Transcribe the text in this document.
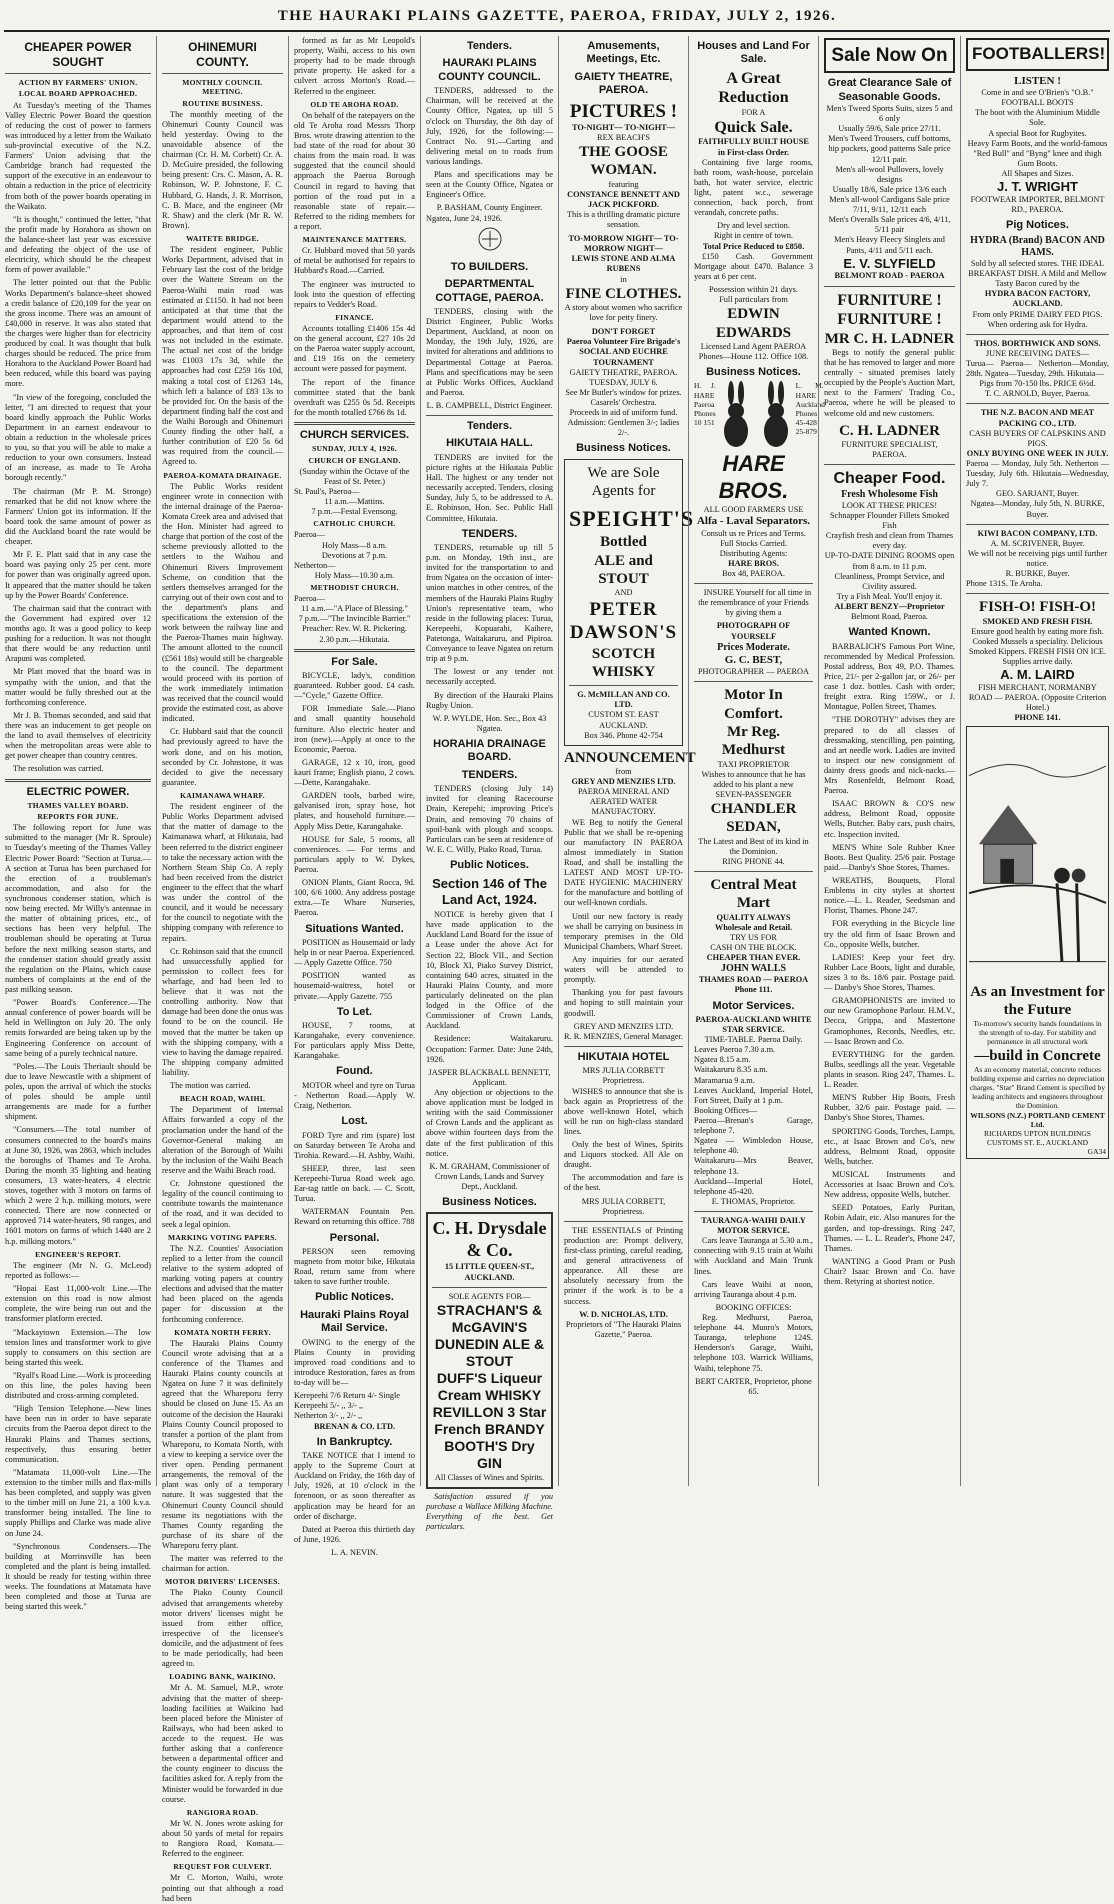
THE HAURAKI PLAINS GAZETTE, PAEROA, FRIDAY, JULY 2, 1926.
CHEAPER POWER SOUGHT
ACTION BY FARMERS' UNION.
LOCAL BOARD APPROACHED.

At Tuesday's meeting of the Thames Valley Electric Power Board the question of reducing the cost of power to farmers was introduced by a letter from the Waikato sub-provincial executive of the N.Z. Farmers' Union advising that the Cambridge branch had requested the support of the executive in an endeavour to obtain a reduction in the price of electricity from both of the power boards operating in the Waikato.

"It is thought," continued the letter, "that the profit made by Horahora as shown on the balance-sheet last year was excessive and defeating the object of the use of electricity, which should be the cheapest form of power available."

The letter pointed out that the Public Works Department's balance-sheet showed a credit balance of £20,109 for the year on the gross income. There was an amount of £40,000 in reserve. It was also stated that the charges were higher than for electricity produced by coal. It was thought that bulk charges should be reduced. The price from Horahora to the Auckland Power Board had been reduced, while this board was paying more.

"In view of the foregoing, concluded the letter, "I am directed to request that your board kindly approach the Public Works Department in an earnest endeavour to obtain a reduction in the wholesale prices to you, so that you will be able to make a reduction to your own consumers. Instead of an increase, as made to Te Aroha borough recently."

The chairman (Mr P. M. Stronge) remarked that he did not know where the Farmers' Union got its information. If the board took the same amount of power as did the Auckland board the rate would be cheaper.

Mr F. E. Platt said that in any case the board was paying only 25 per cent. more for power than was originally agreed upon. It appeared that the matter should be taken up by the Power Boards' Conference.

The chairman said that the contract with the Government had expired over 12 months ago. It was a good policy to keep pushing for a reduction. It was not thought that there would be any reduction until Arapuni was completed.

Mr Platt moved that the board was in sympathy with the union, and that the matter would be fully threshed out at the forthcoming conference.

Mr J. B. Thomas seconded, and said that there was an inducement to get people on the land to avail themselves of electricity when the metropolitan areas were able to get power cheaper than country centres.

The resolution was carried.

ELECTRIC POWER.
THAMES VALLEY BOARD.
REPORTS FOR JUNE.

The following report for June was submitted to the manager (Mr R. Sproule) to Tuesday's meeting of the Thames Valley Electric Power Board: "Section at Turua.—A section at Turua has been purchased for the erection of a troubleman's accommodation, and also for the synchronous condenser station, which is now being erected. Mr Willy's antennae in the matter of obtaining prices, etc., of sections has been very helpful. The troubleman should be operating at Turua before the next milking season starts, and the condenser station should greatly assist the regulation on the Plains, which cause numbers of complaints at the end of the past milking season.

"Power Board's Conference.—The annual conference of power boards will be held in Wellington on July 20. The only remits forwarded are being taken up by the Engineering Conference on account of same being of a purely technical nature.

"Poles.—The Louis Theriault should be due to leave Newcastle with a shipment of poles, upon the arrival of which the stocks of poles should be ample until arrangements are made for a further shipment.

"Consumers.—The total number of consumers connected to the board's mains at June 30, 1926, was 2863, which includes the boroughs of Thames and Te Aroha. During the month 35 lighting and heating consumers, 13 water-heaters, 4 electric stoves, together with 3 motors on farms of which 2 were 2 h.p. milking motors, were connected. There are now connected or approved 714 water-heaters, 98 ranges, and 1601 motors on farms of which 1440 are 2 h.p. milking motors."

ENGINEER'S REPORT.

The engineer (Mr N. G. McLeod) reported as follows:—

"Hopai East 11,000-volt Line.—The extension on this road is now almost complete, the wire being run out and the transformer platform erected.

"Mackaytown Extension.—The low tension lines and transformer work to give supply to consumers on this section are being started this week.

"Ryall's Road Line.—Work is proceeding on this line, the poles having been distributed and cross-arming completed.

"High Tension Telephone.—New lines have been run in order to have separate circuits from the Paeroa depot direct to the Hauraki Plains and Thames sections, respectively, thus ensuring better communication.

"Matamata 11,000-volt Line.—The extension to the timber mills and flax-mills has been completed, and supply was given to the timber mill on June 21, a 100 k.v.a. transformer being installed. The line to supply Phillips and Clarke was made alive on June 24.

"Synchronous Condensers.—The building at Morrinsville has been completed and the plant is being installed. It should be ready for testing within three weeks. The foundations at Matamata have been completed and those at Turua are being started this week."

OHINEMURI COUNTY.
MONTHLY COUNCIL MEETING.
ROUTINE BUSINESS.

The monthly meeting of the Ohinemuri County Council was held yesterday. Owing to the unavoidable absence of the chairman (Cr. H. M. Corbett) Cr. A. D. McGuire presided, the following being present: Crs. C. Mason, A. R. Robinson, W. P. Johnstone, F. C. Hubbard, G. Hands, J. R. Morrison, C. B. Mace, and the engineer (Mr R. Shaw) and the clerk (Mr R. W. Brown).

WAITETE BRIDGE.

The resident engineer, Public Works Department, advised that in February last the cost of the bridge over the Waitete Stream on the Paeroa-Waihi main road was estimated at £1150. It had not been anticipated at that time that the department would attend to the approaches, and that item of cost was not included in the estimate. The actual net cost of the bridge was £1003 17s 3d, while the approaches had cost £259 16s 10d, making a total cost of £1263 14s, which left a balance of £83 13s to be provided for. On the basis of the department finding half the cost and the Waihi Borough and Ohinemuri County finding the other half, a further contribution of £20 5s 6d was required from the council.—Agreed to.

PAEROA-KOMATA DRAINAGE.

The Public Works resident engineer wrote in connection with the internal drainage of the Paeroa-Komata Creek area and advised that the Hon. Minister had agreed to charge that portion of the cost of the scheme previously allotted to the settlers to the Waihou and Ohinemuri Rivers Improvement Scheme, on condition that the settlers themselves arranged for the carrying out of their own cost and to the department's plans and specifications the extension of the work between the railway line and the Paeroa-Thames main highway. The amount allotted to the council (£561 18s) would still be chargeable to the council. The department would proceed with its portion of the work immediately intimation was received that the council would provide the estimated cost, as above indicated.

Cr. Hubbard said that the council had previously agreed to have the work done, and on his motion, seconded by Cr. Johnstone, it was decided to give the necessary guarantee.

KAIMANAWA WHARF.

The resident engineer of the Public Works Department advised that the matter of damage to the Kaimanawa wharf, at Hikutaia, had been referred to the district engineer to take the necessary action with the Northern Steam Ship Co. A reply had been received from the district engineer to the effect that the wharf was under the control of the council, and it would be necessary for the council to negotiate with the shipping company with reference to repairs.

Cr. Robinson said that the council had unsuccessfully applied for permission to collect fees for wharfage, and had been led to believe that it was not the controlling authority. Now that damage had been done the onus was found to be on the council. He moved that the matter be taken up with the shipping company, with a view to having the damage repaired. The shipping company admitted liability.

The motion was carried.

BEACH ROAD, WAIHI.

The Department of Internal Affairs forwarded a copy of the proclamation under the hand of the Governor-General making an alteration of the Borough of Waihi by the inclusion of the Waihi Beach reserve and the Waihi Beach road.

Cr. Johnstone questioned the legality of the council continuing to contribute towards the maintenance of the road, and it was decided to seek a legal opinion.

MARKING VOTING PAPERS.

The N.Z. Counties' Association replied to a letter from the council relative to the system adopted of marking voting papers at country elections and advised that the matter had been placed on the agenda paper for discussion at the forthcoming conference.

KOMATA NORTH FERRY.

The Hauraki Plains County Council wrote advising that at a conference of the Thames and Hauraki Plains county councils at Ngatea on June 7 it was definitely agreed that the Whareporu ferry should be closed on June 15. As an outcome of the decision the Hauraki Plains County Council proposed to transfer a portion of the plant from Whareporu, to Komata North, with a view to keeping a service over the river open. Pending permanent arrangements, the removal of the plant was only of a temporary nature. It was suggested that the Ohinemuri County Council should resume its negotiations with the Thames County regarding the purchase of its share of the Whareporu ferry plant.

The matter was referred to the chairman for action.

MOTOR DRIVERS' LICENSES.

The Piako County Council advised that arrangements whereby motor drivers' licenses might be issued from either office, irrespective of the licensee's domicile, and the adjustment of fees to be made periodically, had been agreed to.

LOADING BANK, WAIKINO.

Mr A. M. Samuel, M.P., wrote advising that the matter of sheep-loading facilities at Waikino had been placed before the Minister of Railways, who had been asked to accede to the request. He was further asking that a conference between a departmental officer and the county engineer to discuss the facilities asked for. A reply from the Minister would be forwarded in due course.

RANGIORA ROAD.

Mr W. N. Jones wrote asking for about 50 yards of metal for repairs to Rangiora Road, Komata.—Referred to the engineer.

REQUEST FOR CULVERT.

Mr C. Morton, Waihi, wrote pointing out that although a road had been

formed as far as Mr Leopold's property, Waihi, access to his own property had to be made through private property. He asked for a culvert across Morton's Road.—Referred to the engineer.

OLD TE AROHA ROAD.

On behalf of the ratepayers on the old Te Aroha road Messrs Thorp Bros. wrote drawing attention to the bad state of the road for about 30 chains from the main road. It was suggested that the council should approach the Paeroa Borough Council in regard to having that portion of the road put in a reasonable state of repair.—Referred to the riding members for a report.

MAINTENANCE MATTERS.

Cr. Hubbard moved that 50 yards of metal be authorised for repairs to Hubbard's Road.—Carried.

The engineer was instructed to look into the question of effecting repairs to Vedder's Road.

FINANCE.

Accounts totalling £1406 15s 4d on the general account, £27 10s 2d on the Paeroa water supply account, and £19 16s on the cemetery account were passed for payment.

The report of the finance committee stated that the bank overdraft was £255 0s 5d. Receipts for the month totalled £766 8s 1d.

CHURCH SERVICES.
SUNDAY, JULY 4, 1926.
CHURCH OF ENGLAND.
(Sunday within the Octave of the Feast of St. Peter.)
St. Paul's, Paeroa—
11 a.m.—Mattins.
7 p.m.—Festal Evensong.
CATHOLIC CHURCH.
Paeroa—
Holy Mass—8 a.m.
Devotions at 7 p.m.
Netherton—
Holy Mass—10.30 a.m.
METHODIST CHURCH.
Paeroa—
11 a.m.—"A Place of Blessing."
7 p.m.—"The Invincible Barrier."
Preacher: Rev. W. R. Pickering.
2.30 p.m.—Hikutaia.
For Sale.

BICYCLE, lady's, condition guaranteed. Rubber good. £4 cash.—"Cycle," Gazette Office.

FOR Immediate Sale.—Piano and small quantity household furniture. Also electric heater and iron (new).—Apply at once to the Economic, Paeroa.

GARAGE, 12 x 10, iron, good kauri frame; English piano, 2 cows.—Dette, Karangahake.

GARDEN tools, barbed wire, galvanised iron, spray hose, hot plates, and household furniture.—Apply Miss Dette, Karangahake.

HOUSE for Sale, 5 rooms, all conveniences. — For terms and particulars apply to W. Dykes, Paeroa.

ONION Plants, Giant Rocca, 9d. 100, 6/6 1000. Any address postage extra.—Te Whare Nurseries, Paeroa.

Situations Wanted.

POSITION as Housemaid or lady help in or near Paeroa. Experienced. — Apply Gazette Office. 750

POSITION wanted as housemaid-waitress, hotel or private.—Apply Gazette. 755

To Let.

HOUSE, 7 rooms, at Karangahake, every convenience. For particulars apply Miss Dette, Karangahake.

Found.

MOTOR wheel and tyre on Turua - Netherton Road.—Apply W. Craig, Netherton.

Lost.

FORD Tyre and rim (spare) lost on Saturday between Te Aroha and Tirohia. Reward.—H. Ashby, Waihi.

SHEEP, three, last seen Kerepeehi-Turua Road week ago. Ear-tag tattle on back. — C. Scott, Turua.

WATERMAN Fountain Pen. Reward on returning this office. 788

Personal.

PERSON seen removing magneto from motor bike, Hikutaia Road, return same from where taken to save further trouble.

Public Notices.
Hauraki Plains Royal Mail Service.

OWING to the energy of the Plains County in providing improved road conditions and to introduce Restoration, fares as from to-day will be—

Kerepeehi 7/6 Return 4/- Single
Kerepeehi 5/- ,, 3/- ,,
Netherton 3/- ,, 2/- ,,
BRENAN & CO. LTD.
In Bankruptcy.

TAKE NOTICE that I intend to apply to the Supreme Court at Auckland on Friday, the 16th day of July, 1926, at 10 o'clock in the forenoon, or as soon thereafter as application may be heard for an order of discharge.

Dated at Paeroa this thirtieth day of June, 1926.

L. A. NEVIN.
Tenders.
HAURAKI PLAINS COUNTY COUNCIL.

TENDERS, addressed to the Chairman, will be received at the County Office, Ngatea, up till 5 o'clock on Thursday, the 8th day of July, 1926, for the following:—Contract No. 91.—Carting and delivering metal on to roads from various landings.

Plans and specifications may be seen at the County Office, Ngatea or Engineer's Office.

P. BASHAM, County Engineer.
Ngatea, June 24, 1926.
TO BUILDERS.
DEPARTMENTAL COTTAGE, PAEROA.

TENDERS, closing with the District Engineer, Public Works Department, Auckland, at noon on Monday, the 19th July, 1926, are invited for alterations and additions to Departmental Cottage at Paeroa. Plans and specifications may be seen at Public Works Offices, Auckland and Paeroa.

L. B. CAMPBELL, District Engineer.
Tenders.
HIKUTAIA HALL.

TENDERS are invited for the picture rights at the Hikutaia Public Hall. The highest or any tender not necessarily accepted. Tenders, closing Sunday, July 5, to be addressed to A. E. Robinson, Hon. Sec. Public Hall Committee, Hikutaia.

TENDERS.

TENDERS, returnable up till 5 p.m. on Monday, 19th inst., are invited for the transportation to and from Ngatea on the occasion of inter-union matches in other centres, of the members of the Hauraki Plains Rugby Union's representative team, who reside in the following places: Turua, Kerepeehi, Kopuarahi, Kaihere, Patetonga, Waitakaruru, and Pipiroa. Conveyance to leave Ngatea on return trip at 9 p.m.

The lowest or any tender not necessarily accepted.

By direction of the Hauraki Plains Rugby Union.

W. P. WYLDE, Hon. Sec., Box 43 Ngatea.
HORAHIA DRAINAGE BOARD.
TENDERS.

TENDERS (closing July 14) invited for cleaning Racecourse Drain, Kerepehi; improving Price's Drain, and removing 70 chains of spoil-bank with plough and scoops. Particulars can be seen at residence of W. E. C. Willy, Piako Road, Turua.

Public Notices.
Section 146 of The Land Act, 1924.

NOTICE is hereby given that I have made application to the Auckland Land Board for the issue of a Lease under the above Act for Section 22, Block VII., and Section 10, Block XI, Piako Survey District, containing 640 acres, situated in the Hauraki Plains County, and more particularly delineated on the plan lodged in the Office of the Commissioner of Crown Lands, Auckland.

Residence: Waitakaruru. Occupation: Farmer. Date: June 24th, 1926.

JASPER BLACKBALL BENNETT, Applicant.

Any objection or objections to the above application must be lodged in writing with the said Commissioner of Crown Lands and the applicant as above within fourteen days from the date of the first publication of this notice.

K. M. GRAHAM, Commissioner of Crown Lands, Lands and Survey Dept., Auckland.
Business Notices.
C. H. Drysdale & Co.
15 LITTLE QUEEN-ST., AUCKLAND.
SOLE AGENTS FOR—
STRACHAN'S & McGAVIN'S DUNEDIN ALE & STOUT
DUFF'S Liqueur Cream WHISKY
REVILLON 3 Star French BRANDY
BOOTH'S Dry GIN
All Classes of Wines and Spirits.

Satisfaction assured if you purchase a Wallace Milking Machine. Everything of the best. Get particulars.

Amusements, Meetings, Etc.
GAIETY THEATRE, PAEROA.
PICTURES !
TO-NIGHT— TO-NIGHT—
REX BEACH'S
THE GOOSE WOMAN.
featuring
CONSTANCE BENNETT AND JACK PICKFORD.
This is a thrilling dramatic picture sensation.
TO-MORROW NIGHT— TO-MORROW NIGHT—
LEWIS STONE AND ALMA RUBENS
in
FINE CLOTHES.
A story about women who sacrifice love for petty finery.
DON'T FORGET
Paeroa Volunteer Fire Brigade's SOCIAL AND EUCHRE TOURNAMENT
GAIETY THEATRE, PAEROA. TUESDAY, JULY 6.
See Mr Butler's window for prizes.
Casarels' Orchestra.
Proceeds in aid of uniform fund. Admission: Gentlemen 3/-; ladies 2/-.
Business Notices.
We are Sole Agents for
SPEIGHT'S
Bottled
ALE and STOUT
AND
PETER DAWSON'S
SCOTCH WHISKY
G. McMILLAN AND CO. LTD.
CUSTOM ST. EAST AUCKLAND.
Box 346. Phone 42-754
ANNOUNCEMENT
from
GREY AND MENZIES LTD.
PAEROA MINERAL AND AERATED WATER MANUFACTORY.

WE Beg to notify the General Public that we shall be re-opening our manufactory IN PAEROA almost immediately in Station Road, and shall be installing the LATEST AND MOST UP-TO-DATE HYGIENIC MACHINERY for the manufacture and bottling of our well-known cordials.

Until our new factory is ready we shall be carrying on business in temporary premises in the Old Municipal Chambers, Wharf Street.

Any inquiries for our aerated waters will be attended to promptly.

Thanking you for past favours and hoping to still maintain your goodwill.

GREY AND MENZIES LTD.
R. R. MENZIES, General Manager.
HIKUTAIA HOTEL
MRS JULIA CORBETT Proprietress.

WISHES to announce that she is back again as Proprietress of the above well-known Hotel, which will be run on high-class standard lines.

Only the best of Wines, Spirits and Liquors stocked. All Ale on draught.

The accommodation and fare is of the best.

MRS JULIA CORBETT, Proprietress.

THE ESSENTIALS of Printing production are: Prompt delivery, first-class printing, careful reading, and general attractiveness of appearance. All these are absolutely necessary from the printer if the work is to be a success.

W. D. NICHOLAS, LTD.
Proprietors of "The Hauraki Plains Gazette," Paeroa.
Houses and Land For Sale.
A Great Reduction
FOR A
Quick Sale.
FAITHFULLY BUILT HOUSE in First-class Order.

Containing five large rooms, bath room, wash-house, porcelain bath, hot water service, electric light, patent w.c., sewerage connection, back porch, front verandah, concrete paths.

Dry and level section.
Right in centre of town.
Total Price Reduced to £850.

£150 Cash. Government Mortgage about £470. Balance 3 years at 6 per cent.

Possession within 21 days.
Full particulars from
EDWIN EDWARDS
Licensed Land Agent PAEROA
Phones—House 112. Office 108.
Business Notices.
H. J. HARE Paeroa Phones 10 151
L. M. HARE Auckland Phones 45-428 25-879
HARE BROS.
ALL GOOD FARMERS USE
Alfa - Laval Separators.
Consult us re Prices and Terms.
Full Stocks Carried.
Distributing Agents:
HARE BROS.
Box 48, PAEROA.

INSURE Yourself for all time in the remembrance of your Friends by giving them a

PHOTOGRAPH OF YOURSELF
Prices Moderate.
G. C. BEST,
PHOTOGRAPHER — PAEROA
Motor In Comfort.
Mr Reg. Medhurst
TAXI PROPRIETOR
Wishes to announce that he has added to his plant a new
SEVEN-PASSENGER
CHANDLER SEDAN,
The Latest and Best of its kind in the Dominion.
RING PHONE 44.
Central Meat Mart
QUALITY ALWAYS
Wholesale and Retail.
TRY US FOR
CASH ON THE BLOCK.
CHEAPER THAN EVER.
JOHN WALLS
THAMES ROAD — PAEROA Phone 111.
Motor Services.
PAEROA-AUCKLAND WHITE STAR SERVICE.
TIME-TABLE. Paeroa Daily.
Leaves Paeroa 7.30 a.m.
Ngatea 8.15 a.m.
Waitakaruru 8.35 a.m.
Maramarua 9 a.m.
Leaves Auckland, Imperial Hotel, Fort Street, Daily at 1 p.m.
Booking Offices—
Paeroa—Brenan's Garage, telephone 7.
Ngatea — Wimbledon House, telephone 40.
Waitakaruru—Mrs Beaver, telephone 13.
Auckland—Imperial Hotel, telephone 45-420.
E. THOMAS, Proprietor.
TAURANGA-WAIHI DAILY MOTOR SERVICE.

Cars leave Tauranga at 5.30 a.m., connecting with 9.15 train at Waihi with Auckland and Main Trunk lines.

Cars leave Waihi at noon, arriving Tauranga about 4 p.m.

BOOKING OFFICES:

Reg. Medhurst, Paeroa, telephone 44. Munro's Motors, Tauranga, telephone 124S. Henderson's Garage, Waihi, telephone 103. Warrick Williams, Waihi, telephone 75.

BERT CARTER, Proprietor, phone 65.
Sale Now On
Great Clearance Sale of Seasonable Goods.
Men's Tweed Sports Suits, sizes 5 and 6 only
Usually 59/6, Sale price 27/11.
Men's Tweed Trousers, cuff bottoms, hip pockets, good patterns Sale price 12/11 pair.
Men's all-wool Pullovers, lovely designs
Usually 18/6, Sale price 13/6 each
Men's all-wool Cardigans Sale price 7/11, 9/11, 12/11 each
Men's Overalls Sale prices 4/6, 4/11, 5/11 pair
Men's Heavy Fleecy Singlets and Pants, 4/11 and 5/11 each.
E. V. SLYFIELD
BELMONT ROAD - PAEROA
FURNITURE !
FURNITURE !
MR C. H. LADNER

Begs to notify the general public that he has removed to larger and more centrally - situated premises lately occupied by the People's Auction Mart, next to the Farmers' Trading Co., Paeroa, where he will be pleased to welcome old and new customers.

C. H. LADNER
FURNITURE SPECIALIST, PAEROA.
Cheaper Food.
Fresh Wholesome Fish
LOOK AT THESE PRICES!
Schnapper Flounder Fillets Smoked Fish
Crayfish fresh and clean from Thames every day.
UP-TO-DATE DINING ROOMS open from 8 a.m. to 11 p.m.
Cleanliness, Prompt Service, and Civility assured.
Try a Fish Meal. You'll enjoy it.
ALBERT BENZY—Proprietor
Belmont Road, Paeroa.
Wanted Known.

BARBALICH'S Famous Port Wine, recommended by Medical Profession. Postal address, Box 49, P.O. Thames. Price, 21/- per 2-gallon jar, or 26/- per case 1 doz. bottles. Cash with order; freight extra. Ring 159W., or J. Montague, Pollen Street, Thames.

"THE DOROTHY" advises they are prepared to do all classes of dressmaking, stencilling, pen painting, and art needle work. Ladies are invited to inspect our new consignment of dainty dress goods and nick-nacks.—Mrs Rosenfeldt, Belmont Road, Paeroa.

ISAAC BROWN & CO'S new address, Belmont Road, opposite Wells, Butcher. Baby cars, push chairs, etc. Inspection invited.

MEN'S White Sole Rubber Knee Boots. Best Quality. 25/6 pair. Postage paid.—Danby's Shoe Stores, Thames.

WREATHS, Bouquets, Floral Emblems in city styles at shortest notice.—L. L. Reader, Seedsman and Florist, Thames. Phone 247.

FOR everything in the Bicycle line try the old firm of Isaac Brown and Co., opposite Wells, butcher.

LADIES! Keep your feet dry. Rubber Lace Boots, light and durable, sizes 3 to 8s. 18/6 pair. Postage paid. — Danby's Shoe Stores, Thames.

GRAMOPHONISTS are invited to our new Gramophone Parlour. H.M.V., Decca, Grippa, and Mastertone Gramophones, Records, Needles, etc. — Isaac Brown and Co.

EVERYTHING for the garden. Bulbs, seedlings all the year. Vegetable plants in season. Ring 247, Thames. L. L. Reader.

MEN'S Rubber Hip Boots, Fresh Rubber, 32/6 pair. Postage paid. — Danby's Shoe Stores, Thames.

SPORTING Goods, Torches, Lamps, etc., at Isaac Brown and Co's, new address, Belmont Road, opposite Wells, butcher.

MUSICAL Instruments and Accessories at Isaac Brown and Co's. New address, opposite Wells, butcher.

SEED Potatoes, Early Puritan, Robin Adair, etc. Also manures for the garden, and top-dressings. Ring 247, Thames. — L. L. Reader's, Phone 247, Thames.

WANTING a Good Pram or Push Chair? Isaac Brown and Co. have them. Retyring at shortest notice.

FOOTBALLERS!
LISTEN !
Come in and see O'Brien's "O.B." FOOTBALL BOOTS
The boot with the Aluminium Middle Sole.
A special Boot for Rugbyites.
Heavy Farm Boots, and the world-famous "Red Bull" and "Byng" knee and thigh Gum Boots.
All Shapes and Sizes.
J. T. WRIGHT
FOOTWEAR IMPORTER, BELMONT RD., PAEROA.
Pig Notices.
HYDRA (Brand) BACON AND HAMS.
Sold by all selected stores. THE IDEAL BREAKFAST DISH. A Mild and Mellow Tasty Bacon cured by the
HYDRA BACON FACTORY, AUCKLAND.
From only PRIME DAIRY FED PIGS. When ordering ask for Hydra.
THOS. BORTHWICK AND SONS.
JUNE RECEIVING DATES—
Turua— Paeroa— Netherton—Monday, 28th. Ngatea—Tuesday, 29th. Hikutaia—
Pigs from 70-150 lbs. PRICE 6½d.
T. C. ARNOLD, Buyer, Paeroa.
THE N.Z. BACON AND MEAT PACKING CO., LTD.
CASH BUYERS OF CALPSKINS AND PIGS.
ONLY BUYING ONE WEEK IN JULY.
Paeroa — Monday, July 5th. Netherton —Tuesday, July 6th. Hikutaia—Wednesday, July 7.
GEO. SARJANT, Buyer.
Ngatea—Monday, July 5th, N. BURKE, Buyer.
KIWI BACON COMPANY, LTD.
A. M. SCRIVENER, Buyer.
We will not be receiving pigs until further notice.
R. BURKE, Buyer.
Phone 131S. Te Aroha.
FISH-O! FISH-O!
SMOKED AND FRESH FISH.
Ensure good health by eating more fish.
Cooked Mussels a speciality. Delicious Smoked Kippers. FRESH FISH ON ICE. Supplies arrive daily.
A. M. LAIRD
FISH MERCHANT, NORMANBY ROAD — PAEROA. (Opposite Criterion Hotel.)
PHONE 141.
As an Investment for the Future
To-morrow's security hands foundations in the strength of to-day. For stability and permanence in all structural work
—build in Concrete
As an economy material, concrete reduces building expense and carries no depreciation charges. "Star" Brand Cement is specified by leading architects and engineers throughout the Dominion.
WILSONS (N.Z.) PORTLAND CEMENT Ltd.
RICHARDS UPTON BUILDINGS CUSTOMS ST. E., AUCKLAND
GA34
